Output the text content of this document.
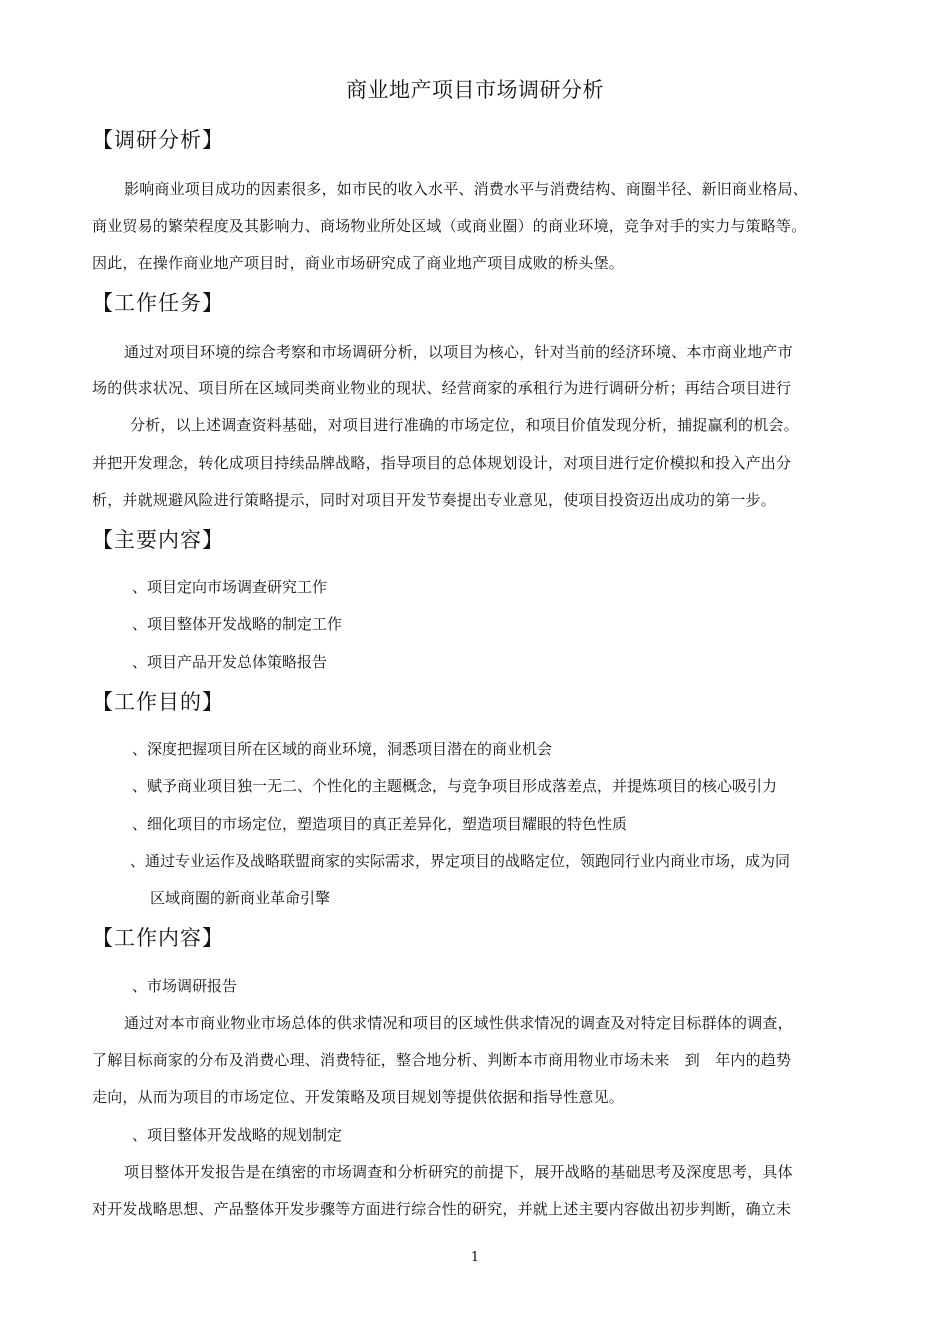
商业地产项目市场调研分析
【调研分析】
影响商业项目成功的因素很多，如市民的收入水平、消费水平与消费结构、商圈半径、新旧商业格局、
商业贸易的繁荣程度及其影响力、商场物业所处区域（或商业圈）的商业环境，竞争对手的实力与策略等。
因此，在操作商业地产项目时，商业市场研究成了商业地产项目成败的桥头堡。
【工作任务】
通过对项目环境的综合考察和市场调研分析，以项目为核心，针对当前的经济环境、本市商业地产市
场的供求状况、项目所在区域同类商业物业的现状、经营商家的承租行为进行调研分析；再结合项目进行
分析，以上述调查资料基础，对项目进行准确的市场定位，和项目价值发现分析，捕捉赢利的机会。
并把开发理念，转化成项目持续品牌战略，指导项目的总体规划设计，对项目进行定价模拟和投入产出分
析，并就规避风险进行策略提示，同时对项目开发节奏提出专业意见，使项目投资迈出成功的第一步。
【主要内容】
、项目定向市场调查研究工作
、项目整体开发战略的制定工作
、项目产品开发总体策略报告
【工作目的】
、深度把握项目所在区域的商业环境，洞悉项目潜在的商业机会
、赋予商业项目独一无二、个性化的主题概念，与竞争项目形成落差点，并提炼项目的核心吸引力
、细化项目的市场定位，塑造项目的真正差异化，塑造项目耀眼的特色性质
、通过专业运作及战略联盟商家的实际需求，界定项目的战略定位，领跑同行业内商业市场，成为同
区域商圈的新商业革命引擎
【工作内容】
、市场调研报告
通过对本市商业物业市场总体的供求情况和项目的区域性供求情况的调查及对特定目标群体的调查，
了解目标商家的分布及消费心理、消费特征，整合地分析、判断本市商用物业市场未来　到　年内的趋势
走向，从而为项目的市场定位、开发策略及项目规划等提供依据和指导性意见。
、项目整体开发战略的规划制定
项目整体开发报告是在缜密的市场调查和分析研究的前提下，展开战略的基础思考及深度思考，具体
对开发战略思想、产品整体开发步骤等方面进行综合性的研究，并就上述主要内容做出初步判断，确立未
1
